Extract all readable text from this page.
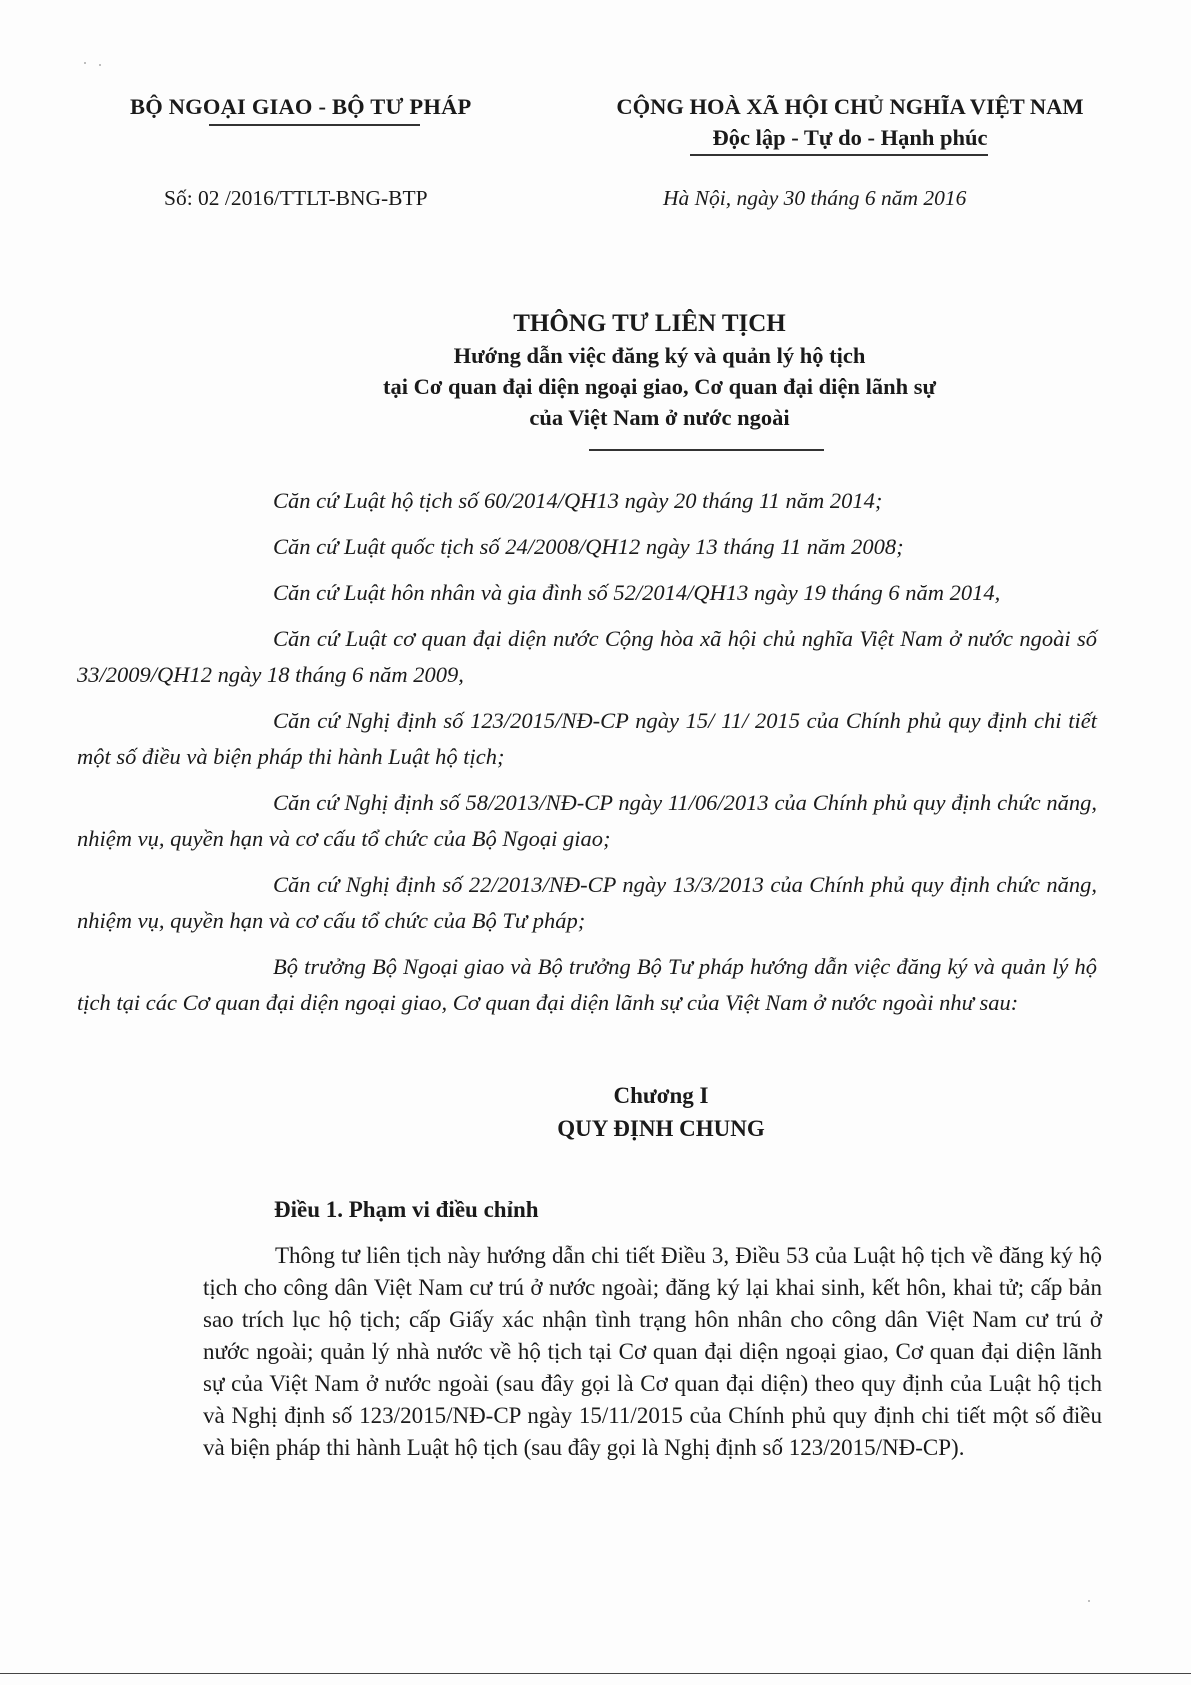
BỘ NGOẠI GIAO - BỘ TƯ PHÁP	CỘNG HOÀ XÃ HỘI CHỦ NGHĨA VIỆT NAM
Độc lập - Tự do - Hạnh phúc
Số: 02 /2016/TTLT-BNG-BTP	Hà Nội, ngày 30 tháng 6 năm 2016
THÔNG TƯ LIÊN TỊCH
Hướng dẫn việc đăng ký và quản lý hộ tịch
tại Cơ quan đại diện ngoại giao, Cơ quan đại diện lãnh sự
của Việt Nam ở nước ngoài

Căn cứ Luật hộ tịch số 60/2014/QH13 ngày 20 tháng 11 năm 2014;

Căn cứ Luật quốc tịch số 24/2008/QH12 ngày 13 tháng 11 năm 2008;

Căn cứ Luật hôn nhân và gia đình số 52/2014/QH13 ngày 19 tháng 6 năm 2014,

Căn cứ Luật cơ quan đại diện nước Cộng hòa xã hội chủ nghĩa Việt Nam ở nước ngoài số 33/2009/QH12 ngày 18 tháng 6 năm 2009,

Căn cứ Nghị định số 123/2015/NĐ-CP ngày 15/ 11/ 2015 của Chính phủ quy định chi tiết một số điều và biện pháp thi hành Luật hộ tịch;

Căn cứ Nghị định số 58/2013/NĐ-CP ngày 11/06/2013 của Chính phủ quy định chức năng, nhiệm vụ, quyền hạn và cơ cấu tổ chức của Bộ Ngoại giao;

Căn cứ Nghị định số 22/2013/NĐ-CP ngày 13/3/2013 của Chính phủ quy định chức năng, nhiệm vụ, quyền hạn và cơ cấu tổ chức của Bộ Tư pháp;

Bộ trưởng Bộ Ngoại giao và Bộ trưởng Bộ Tư pháp hướng dẫn việc đăng ký và quản lý hộ tịch tại các Cơ quan đại diện ngoại giao, Cơ quan đại diện lãnh sự của Việt Nam ở nước ngoài như sau:

Chương I
QUY ĐỊNH CHUNG
Điều 1. Phạm vi điều chỉnh
Thông tư liên tịch này hướng dẫn chi tiết Điều 3, Điều 53 của Luật hộ tịch về đăng ký hộ tịch cho công dân Việt Nam cư trú ở nước ngoài; đăng ký lại khai sinh, kết hôn, khai tử; cấp bản sao trích lục hộ tịch; cấp Giấy xác nhận tình trạng hôn nhân cho công dân Việt Nam cư trú ở nước ngoài; quản lý nhà nước về hộ tịch tại Cơ quan đại diện ngoại giao, Cơ quan đại diện lãnh sự của Việt Nam ở nước ngoài (sau đây gọi là Cơ quan đại diện) theo quy định của Luật hộ tịch và Nghị định số 123/2015/NĐ-CP ngày 15/11/2015 của Chính phủ quy định chi tiết một số điều và biện pháp thi hành Luật hộ tịch (sau đây gọi là Nghị định số 123/2015/NĐ-CP).
